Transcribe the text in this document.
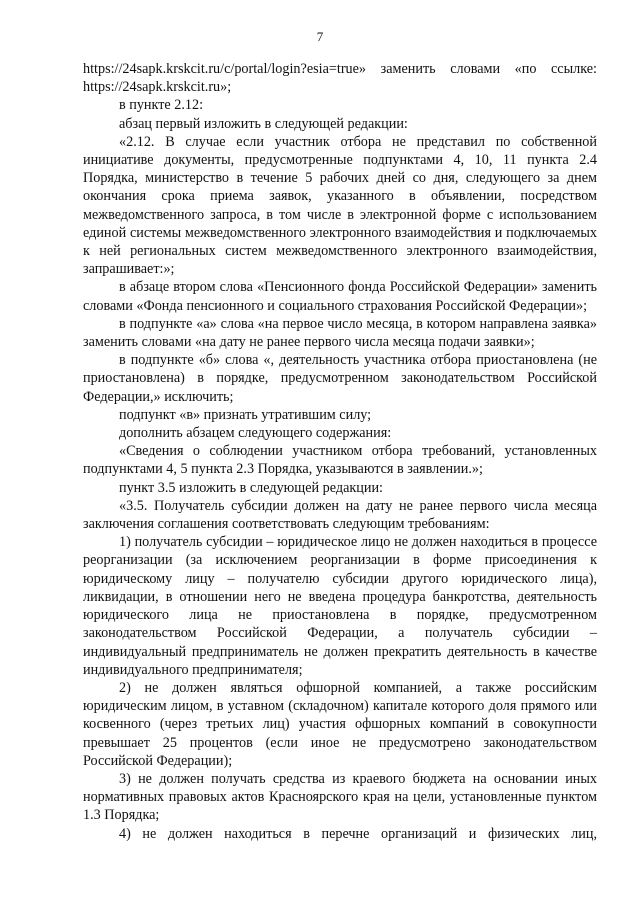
7

https://24sapk.krskcit.ru/c/portal/login?esia=true» заменить словами «по ссылке: https://24sapk.krskcit.ru»;

в пункте 2.12:

абзац первый изложить в следующей редакции:

«2.12. В случае если участник отбора не представил по собственной инициативе документы, предусмотренные подпунктами 4, 10, 11 пункта 2.4 Порядка, министерство в течение 5 рабочих дней со дня, следующего за днем окончания срока приема заявок, указанного в объявлении, посредством межведомственного запроса, в том числе в электронной форме с использованием единой системы межведомственного электронного взаимодействия и подключаемых к ней региональных систем межведомственного электронного взаимодействия, запрашивает:»;

в абзаце втором слова «Пенсионного фонда Российской Федерации» заменить словами «Фонда пенсионного и социального страхования Российской Федерации»;

в подпункте «а» слова «на первое число месяца, в котором направлена заявка» заменить словами «на дату не ранее первого числа месяца подачи заявки»;

в подпункте «б» слова «, деятельность участника отбора приостановлена (не приостановлена) в порядке, предусмотренном законодательством Российской Федерации,» исключить;

подпункт «в» признать утратившим силу;

дополнить абзацем следующего содержания:

«Сведения о соблюдении участником отбора требований, установленных подпунктами 4, 5 пункта 2.3 Порядка, указываются в заявлении.»;

пункт 3.5 изложить в следующей редакции:

«3.5. Получатель субсидии должен на дату не ранее первого числа месяца заключения соглашения соответствовать следующим требованиям:

1) получатель субсидии – юридическое лицо не должен находиться в процессе реорганизации (за исключением реорганизации в форме присоединения к юридическому лицу – получателю субсидии другого юридического лица), ликвидации, в отношении него не введена процедура банкротства, деятельность юридического лица не приостановлена в порядке, предусмотренном законодательством Российской Федерации, а получатель субсидии – индивидуальный предприниматель не должен прекратить деятельность в качестве индивидуального предпринимателя;

2) не должен являться офшорной компанией, а также российским юридическим лицом, в уставном (складочном) капитале которого доля прямого или косвенного (через третьих лиц) участия офшорных компаний в совокупности превышает 25 процентов (если иное не предусмотрено законодательством Российской Федерации);

3) не должен получать средства из краевого бюджета на основании иных нормативных правовых актов Красноярского края на цели, установленные пунктом 1.3 Порядка;

4) не должен находиться в перечне организаций и физических лиц,
